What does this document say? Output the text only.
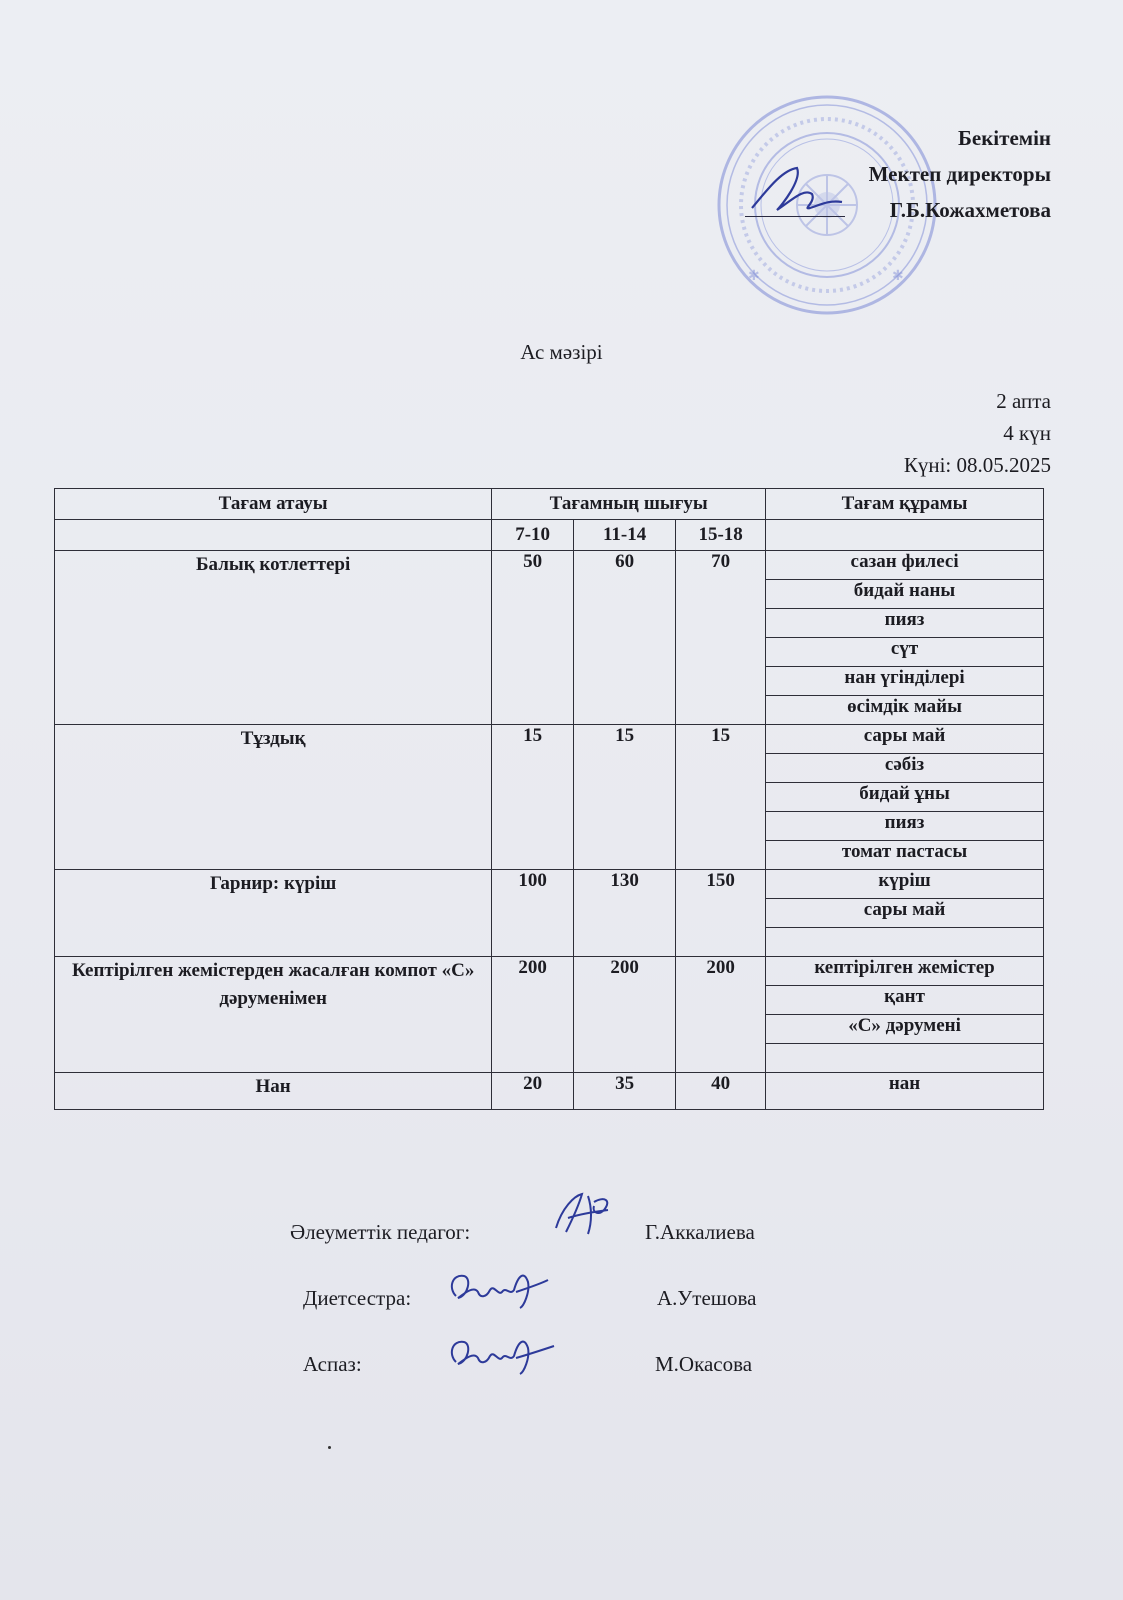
✱	✱
Бекітемін
Мектеп директоры
Г.Б.Кожахметова
Ас мәзірі
2 апта
4 күн
Күні: 08.05.2025
Тағам атауы	Тағамның шығуы			Тағам құрамы
	7-10	11-14	15-18	
Балық котлеттері	50	60	70	сазан филесі
				бидай наны
				пияз
				сүт
				нан үгінділері
				өсімдік майы
Тұздық	15	15	15	сары май
				сәбіз
				бидай ұны
				пияз
				томат пастасы
Гарнир: күріш	100	130	150	күріш
				сары май

Кептірілген жемістерден жасалған компот «С» дәруменімен	200	200	200	кептірілген жемістер
				қант
				«С» дәрумені

Нан	20	35	40	нан
Әлеуметтік педагог:	Г.Аккалиева
Диетсестра:	А.Утешова
Аспаз:	М.Окасова
